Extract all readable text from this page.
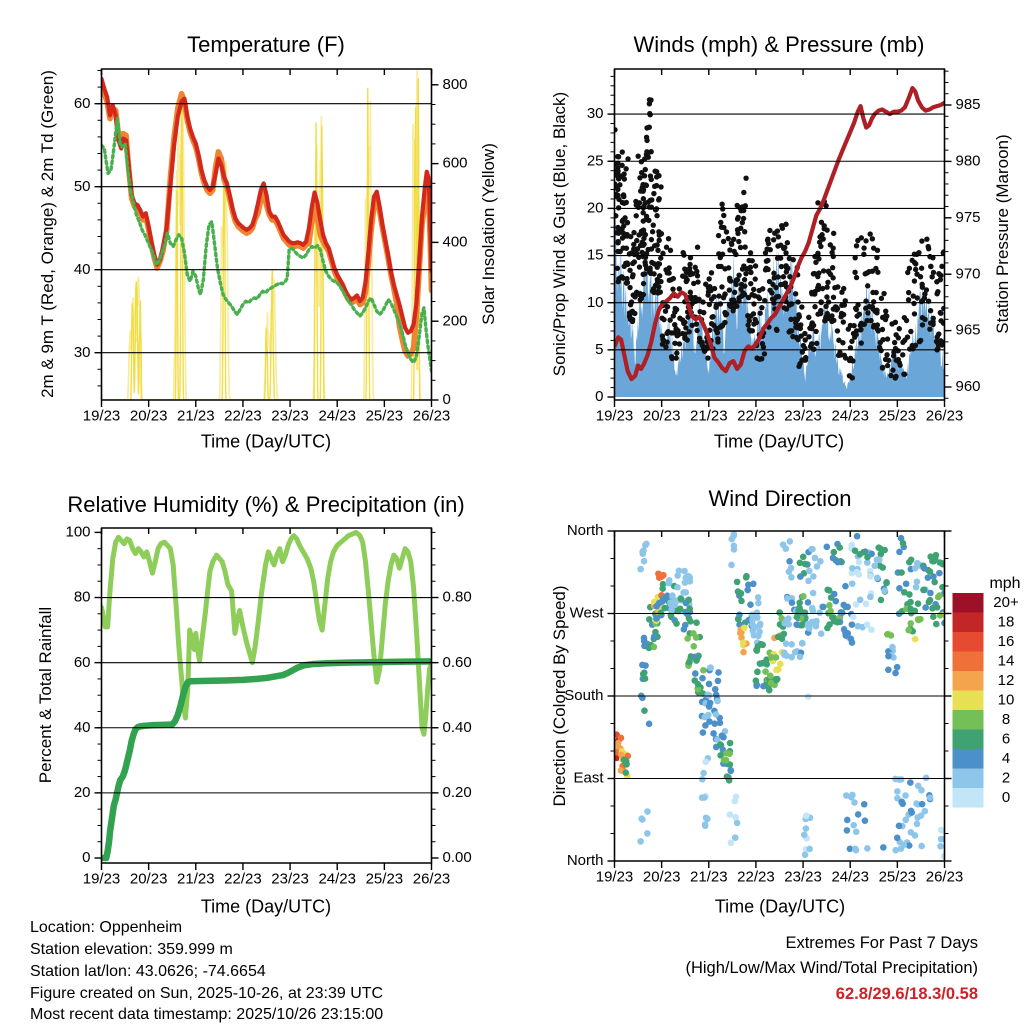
Temperature (F)	Winds (mph) & Pressure (mb)
Relative Humidity (%) & Precipitation (in)	Wind Direction
Time (Day/UTC)	Time (Day/UTC)
Time (Day/UTC)	Time (Day/UTC)
2m & 9m T (Red, Orange) & 2m Td (Green)	Solar Insolation (Yellow)	Sonic/Prop Wind & Gust (Blue, Black)	Station Pressure (Maroon)
Percent & Total Rainfall	Direction (Colored By Speed)
mph
Location: Oppenheim
Station elevation: 359.999 m
Station lat/lon: 43.0626; -74.6654
Figure created on Sun, 2025-10-26, at 23:39 UTC
Most recent data timestamp: 2025/10/26 23:15:00
Extremes For Past 7 Days
(High/Low/Max Wind/Total Precipitation)
62.8/29.6/18.3/0.58
